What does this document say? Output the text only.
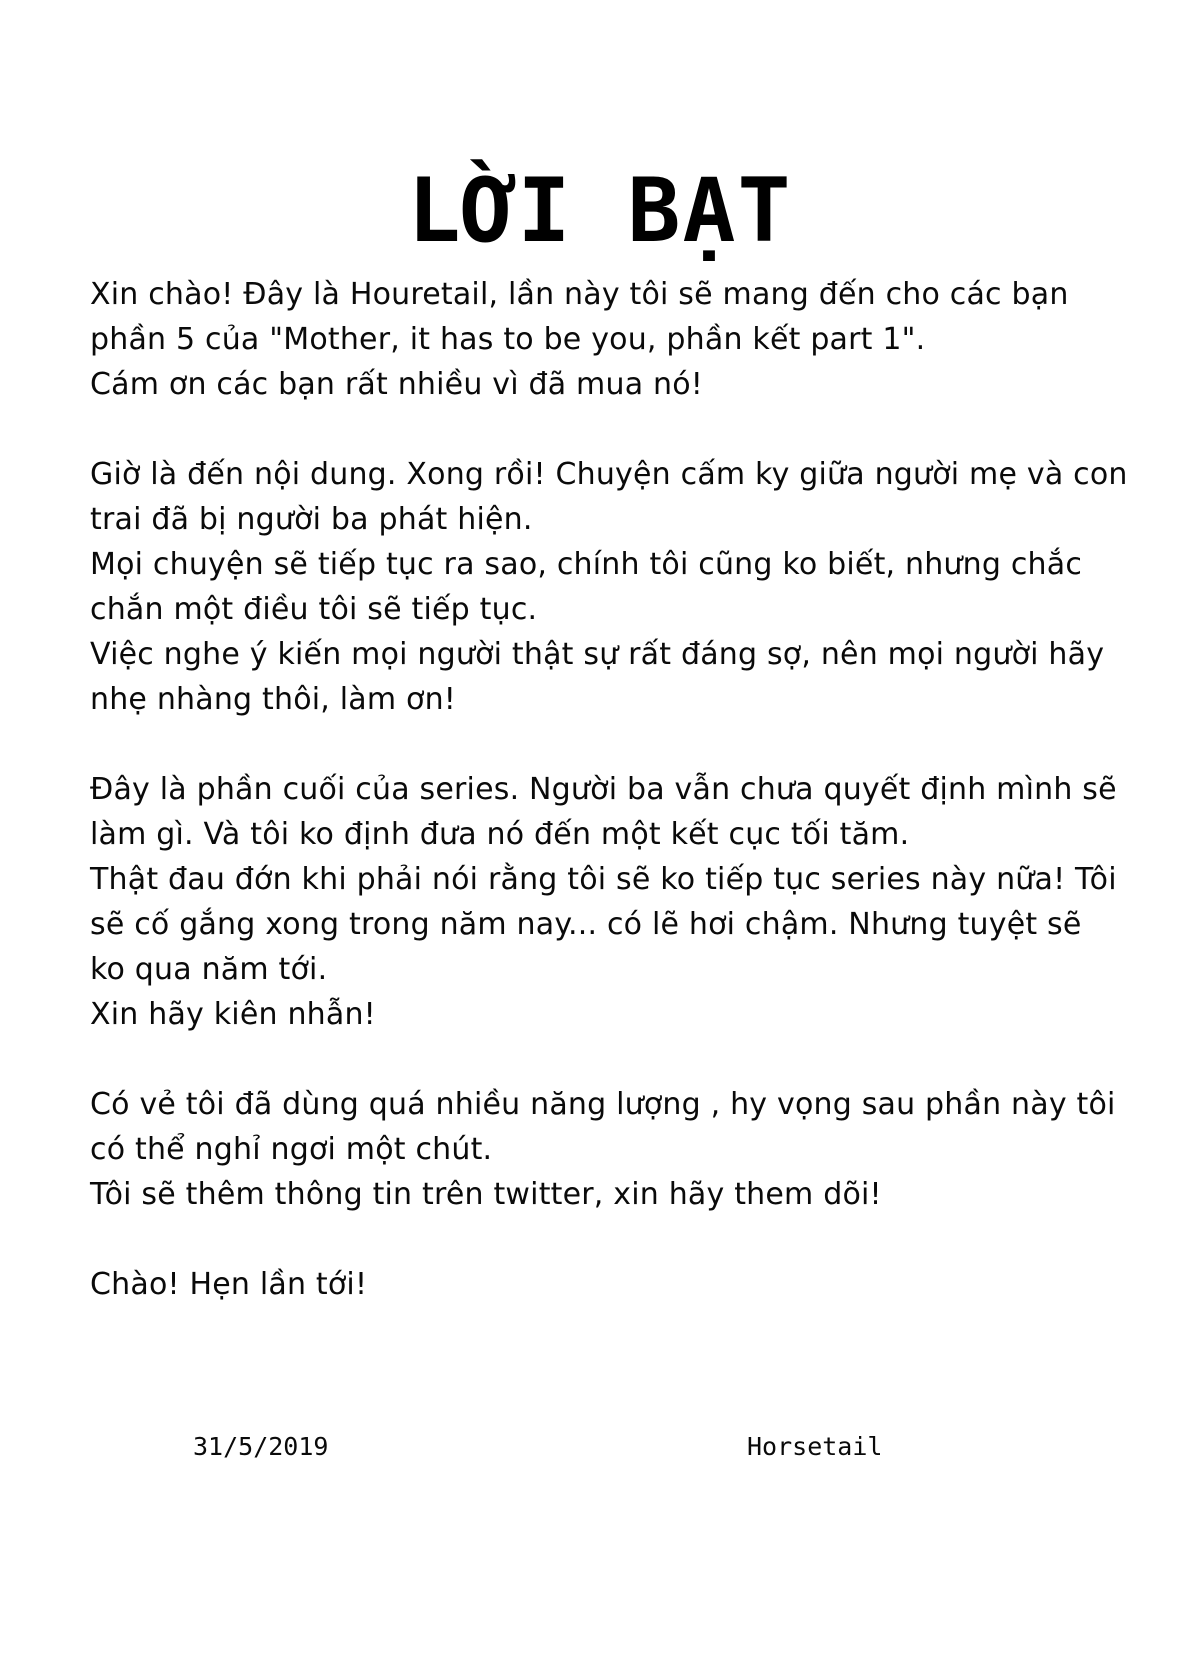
LỜI BẠT
Xin chào! Đây là Houretail, lần này tôi sẽ mang đến cho các bạn
phần 5 của "Mother, it has to be you, phần kết part 1".
Cám ơn các bạn rất nhiều vì đã mua nó!
Giờ là đến nội dung. Xong rồi! Chuyện cấm ky giữa người mẹ và con
trai đã bị người ba phát hiện.
Mọi chuyện sẽ tiếp tục ra sao, chính tôi cũng ko biết, nhưng chắc
chắn một điều tôi sẽ tiếp tục.
Việc nghe ý kiến mọi người thật sự rất đáng sợ, nên mọi người hãy
nhẹ nhàng thôi, làm ơn!
Đây là phần cuối của series. Người ba vẫn chưa quyết định mình sẽ
làm gì. Và tôi ko định đưa nó đến một kết cục tối tăm.
Thật đau đớn khi phải nói rằng tôi sẽ ko tiếp tục series này nữa! Tôi
sẽ cố gắng xong trong năm nay... có lẽ hơi chậm. Nhưng tuyệt sẽ
ko qua năm tới.
Xin hãy kiên nhẫn!
Có vẻ tôi đã dùng quá nhiều năng lượng , hy vọng sau phần này tôi
có thể nghỉ ngơi một chút.
Tôi sẽ thêm thông tin trên twitter, xin hãy them dõi!
Chào! Hẹn lần tới!
31/5/2019	Horsetail
